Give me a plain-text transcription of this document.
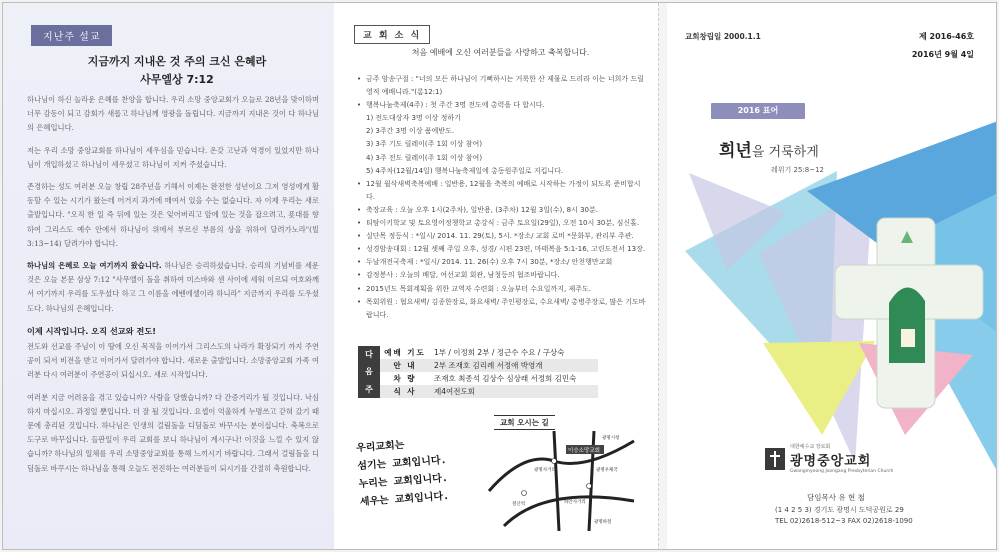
지난주 설교
지금까지 지내온 것 주의 크신 은혜라
사무엘상 7:12

하나님이 하신 놀라운 은혜를 찬양을 합니다. 우리 소망 중앙교회가 오늘로 28년을 맞이하며 너무 감동이 되고 감회가 새롭고 하나님께 영광을 돌립니다. 지금까지 지내온 것이 다 하나님의 은혜입니다.

저는 우리 소망 중앙교회를 하나님이 세우심을 믿습니다. 온갖 고난과 역경이 있었지만 하나님이 개입하셨고 하나님이 세우셨고 하나님이 지켜 주셨습니다.

존경하는 성도 여러분 오늘 창립 28주년을 기해서 이제는 완전한 성년이요 그저 영성에게 활동할 수 있는 시기가 왔는데 어거지 과거에 매여서 있을 수는 없습니다. 자 이제 우리는 새로 출발입니다. "오직 한 일 즉 뒤에 있는 것은 잊어버리고 앞에 있는 것을 잡으려고, 푯대를 향하여 그리스도 예수 안에서 하나님이 위에서 부르신 부름의 상을 위하여 달려가노라"(빌3:13~14) 달려가야 합니다.

하나님의 은혜로 오늘 여기까지 왔습니다. 하나님은 승리하셨습니다. 승리의 기념비를 세운 것은 오늘 본문 삼상 7:12 "사무엘이 돌을 취하여 미스바와 센 사이에 세워 이르되 여호와께서 여기까지 우리를 도우셨다 하고 그 이름을 에벤에셀이라 하니라" 지금까지 우리를 도우셨도다. 하나님의 은혜입니다.

이제 시작입니다. 오직 선교와 전도!

전도와 선교를 주님이 이 땅에 오신 목적을 이어가서 그리스도의 나라가 확장되기 까지 주연공이 되서 비전을 받고 이어가서 달려가야 합니다. 새로운 출발입니다. 소망중앙교회 가족 여러분 다시 여러분이 주연공이 되십시오. 새로 시작입니다.

여러분 지금 어려움을 겪고 있습니까? 사람을 당했습니까? 다 간증거리가 될 것입니다. 낙심하지 마십시오. 과정일 뿐입니다. 더 잘 될 것입니다. 요셉이 억울하게 누명쓰고 갇혀 갔기 때문에 총리된 것입니다. 하나님은 인생의 걸림돌을 디딤돌로 바꾸시는 분이십니다. 축복으로 도구로 바꾸십니다. 들판일이 우리 교회를 보니 하나님이 계시구나! 이것을 느낄 수 있지 않습니까? 하나님의 일체를 우리 소망중앙교회를 통해 느끼시기 바랍니다. 그래서 걸림돌을 디딤돌로 바꾸시는 하나님을 통해 오늘도 전진하는 여러분들이 되시기를 간절히 축원합니다.

교 회 소 식
처음 예배에 오신 여러분들을 사랑하고 축복합니다.
• 금주 암송구절 : "너의 모든 하나님이 기뻐하시는 거룩한 산 제물로 드리라 이는 너희가 드릴 영적 예배니라."(롬12:1)
• 행복나눔축제(4주) : 첫 주간 3명 전도에 총력을 다 합시다.
1) 전도대상자 3명 이상 정하기
2) 3주간 3명 이상 품에받도.
3) 3주 기도 릴레이(주 1회 이상 참여)
4) 3주 전도 릴레이(주 1회 이상 참여)
5) 4주차(12월/14일) 행복나눔축제일에 총동원주일로 지킵니다.
• 12월 월삭새벽축복예배 : 일반용, 12월을 축복의 예배로 시작하는 가정이 되도록 준비합시다.
• 축장교육 : 오늘 오후 1시(2주차), 일반용, (3주차) 12월 3일(수), 8시 30분.
• 티탐이키학교 및 토요영어정챙학교 총강식 : 금주 토요일(29일), 오전 10시 30분, 심신홀.
• 실단목 정등식 : *일시/ 2014. 11. 29(토), 5시. *장소/ 교회 로비 *문화부, 관리부 주관.
• 성경암송대회 : 12월 셋째 주일 오후, 성경/ 시편 23편, 마태복음 5:1-16, 고린도전서 13장.
• 두날개전국축제 : *일시/ 2014. 11. 26(수) 오후 7시 30분, *장소/ 안천행만교회
• 감정봉사 : 오늘의 배달, 여선교회 회관, 남청등의 협조바랍니다.
• 2015년도 목회계획을 위한 교역자 수련회 : 오늘부터 수요일까지, 제주도.
• 목회위원 : 협요새벽/ 김종한장로, 화요새벽/ 주인평장로, 수요새벽/ 총병주장로, 많은 기도바랍니다.
다
음
주
예배 기도	1부 / 이정희 2부 / 정근수 수요 / 구상숙
안 내	2부 조재호 김리례 서정애 박영개
차 량	조재호 최종석 김상수 심상래 서정희 김민숙
식 사	제4여전도회
우리교회는
섬기는 교회입니다.
누리는 교회입니다.
세우는 교회입니다.
교회 오시는 길
이승소망교회
광명시청
광명우체국
광명사거리
철산역	하안사거리
광명하철
교회창립일 2000.1.1	제 2016-46호
2016년 9월 4일
2016 표어
희년을 거룩하게
레위기 25:8~12
대한예수교 장로회
광명중앙교회
Gwangmyeong Joongang Presbyterian Church
담임목사 유 현 철
(1 4 2 5 3) 경기도 광명시 도덕공원로 29
TEL 02)2618-512~3 FAX 02)2618-1090
